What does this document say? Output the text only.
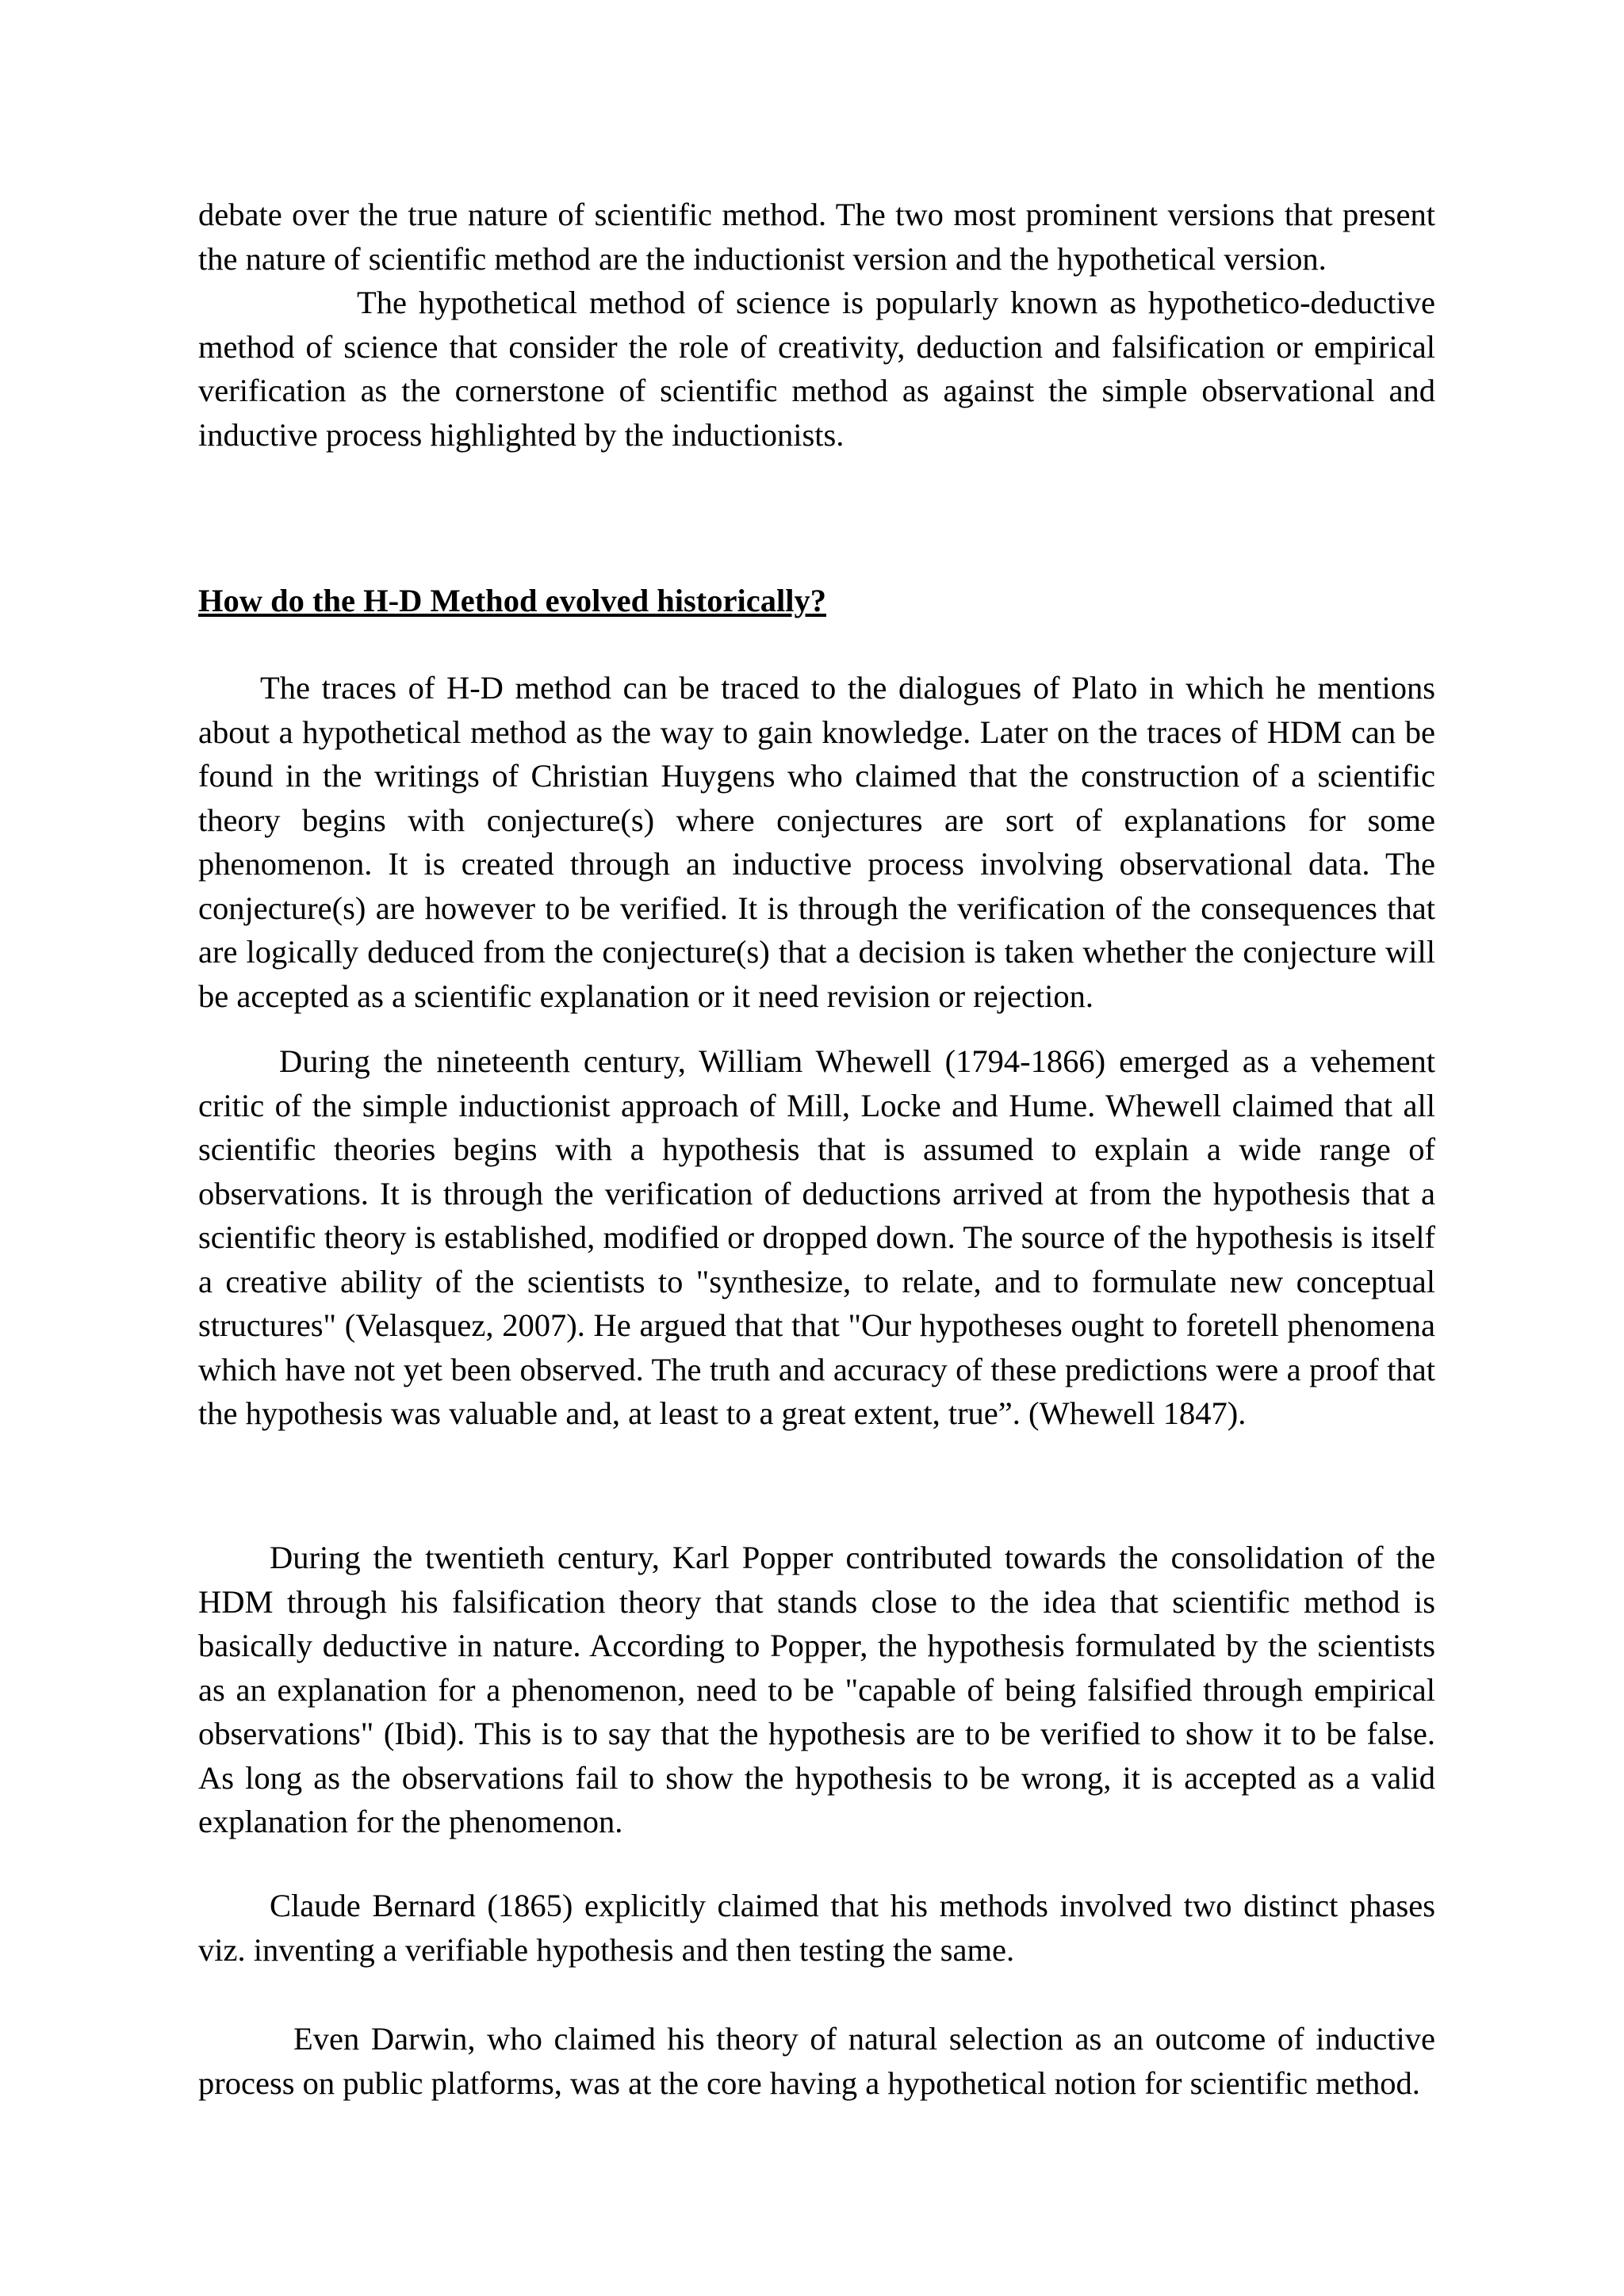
debate over the true nature of scientific method. The two most prominent versions that present the nature of scientific method are the inductionist version and the hypothetical version.

The hypothetical method of science is popularly known as hypothetico-deductive method of science that consider the role of creativity, deduction and falsification or empirical verification as the cornerstone of scientific method as against the simple observational and inductive process highlighted by the inductionists.

How do the H-D Method evolved historically?

The traces of H-D method can be traced to the dialogues of Plato in which he mentions about a hypothetical method as the way to gain knowledge. Later on the traces of HDM can be found in the writings of Christian Huygens who claimed that the construction of a scientific theory begins with conjecture(s) where conjectures are sort of explanations for some phenomenon. It is created through an inductive process involving observational data. The conjecture(s) are however to be verified. It is through the verification of the consequences that are logically deduced from the conjecture(s) that a decision is taken whether the conjecture will be accepted as a scientific explanation or it need revision or rejection.

During the nineteenth century, William Whewell (1794-1866) emerged as a vehement critic of the simple inductionist approach of Mill, Locke and Hume. Whewell claimed that all scientific theories begins with a hypothesis that is assumed to explain a wide range of observations. It is through the verification of deductions arrived at from the hypothesis that a scientific theory is established, modified or dropped down. The source of the hypothesis is itself a creative ability of the scientists to "synthesize, to relate, and to formulate new conceptual structures" (Velasquez, 2007). He argued that that "Our hypotheses ought to foretell phenomena which have not yet been observed. The truth and accuracy of these predictions were a proof that the hypothesis was valuable and, at least to a great extent, true”. (Whewell 1847).

During the twentieth century, Karl Popper contributed towards the consolidation of the HDM through his falsification theory that stands close to the idea that scientific method is basically deductive in nature. According to Popper, the hypothesis formulated by the scientists as an explanation for a phenomenon, need to be "capable of being falsified through empirical observations" (Ibid). This is to say that the hypothesis are to be verified to show it to be false. As long as the observations fail to show the hypothesis to be wrong, it is accepted as a valid explanation for the phenomenon.

Claude Bernard (1865) explicitly claimed that his methods involved two distinct phases viz. inventing a verifiable hypothesis and then testing the same.

Even Darwin, who claimed his theory of natural selection as an outcome of inductive process on public platforms, was at the core having a hypothetical notion for scientific method.
